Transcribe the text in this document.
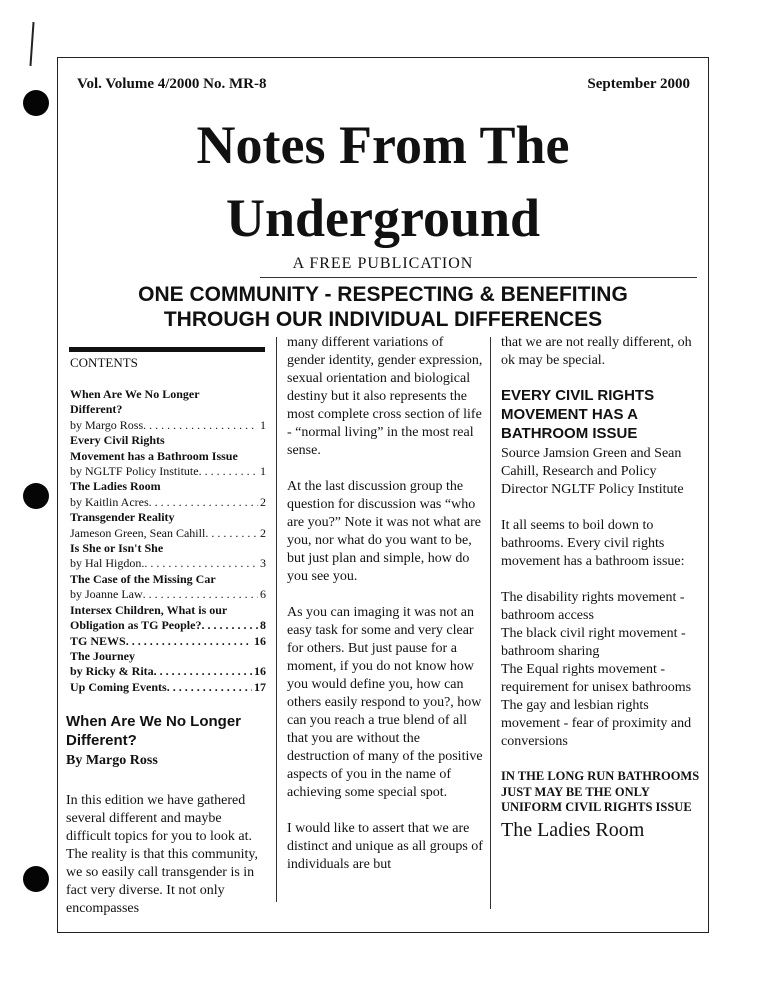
Vol. Volume 4/2000 No. MR-8	September 2000
Notes From The
Underground
A FREE PUBLICATION
ONE COMMUNITY - RESPECTING & BENEFITING
THROUGH OUR INDIVIDUAL DIFFERENCES
CONTENTS
When Are We No Longer
Different?
by Margo Ross . . .	1
Every Civil Rights
Movement has a Bathroom Issue
by NGLTF Policy Institute . . .	1
The Ladies Room
by Kaitlin Acres . . .	2
Transgender Reality
Jameson Green, Sean Cahill . . .	2
Is She or Isn't She
by Hal Higdon. . . .	3
The Case of the Missing Car
by Joanne Law . . .	6
Intersex Children, What is our
Obligation as TG People? . . .	8
TG NEWS . . .	16
The Journey
by Ricky & Rita . . .	16
Up Coming Events . . .	17
When Are We No Longer
Different?
By Margo Ross
In this edition we have gathered several different and maybe difficult topics for you to look at. The reality is that this community, we so easily call transgender is in fact very diverse. It not only encompasses

many different variations of gender identity, gender expression, sexual orientation and biological destiny but it also represents the most complete cross section of life - “normal living” in the most real sense.

At the last discussion group the question for discussion was “who are you?” Note it was not what are you, nor what do you want to be, but just plan and simple, how do you see you.

As you can imaging it was not an easy task for some and very clear for others. But just pause for a moment, if you do not know how you would define you, how can others easily respond to you?, how can you reach a true blend of all that you are without the destruction of many of the positive aspects of you in the name of achieving some special spot.

I would like to assert that we are distinct and unique as all groups of individuals are but

that we are not really different, oh ok may be special.

EVERY CIVIL RIGHTS MOVEMENT HAS A BATHROOM ISSUE

Source Jamsion Green and Sean Cahill, Research and Policy Director NGLTF Policy Institute

It all seems to boil down to bathrooms. Every civil rights movement has a bathroom issue:

The disability rights movement - bathroom access
The black civil right movement - bathroom sharing
The Equal rights movement - requirement for unisex bathrooms
The gay and lesbian rights movement - fear of proximity and conversions
IN THE LONG RUN BATHROOMS JUST MAY BE THE ONLY UNIFORM CIVIL RIGHTS ISSUE
The Ladies Room
